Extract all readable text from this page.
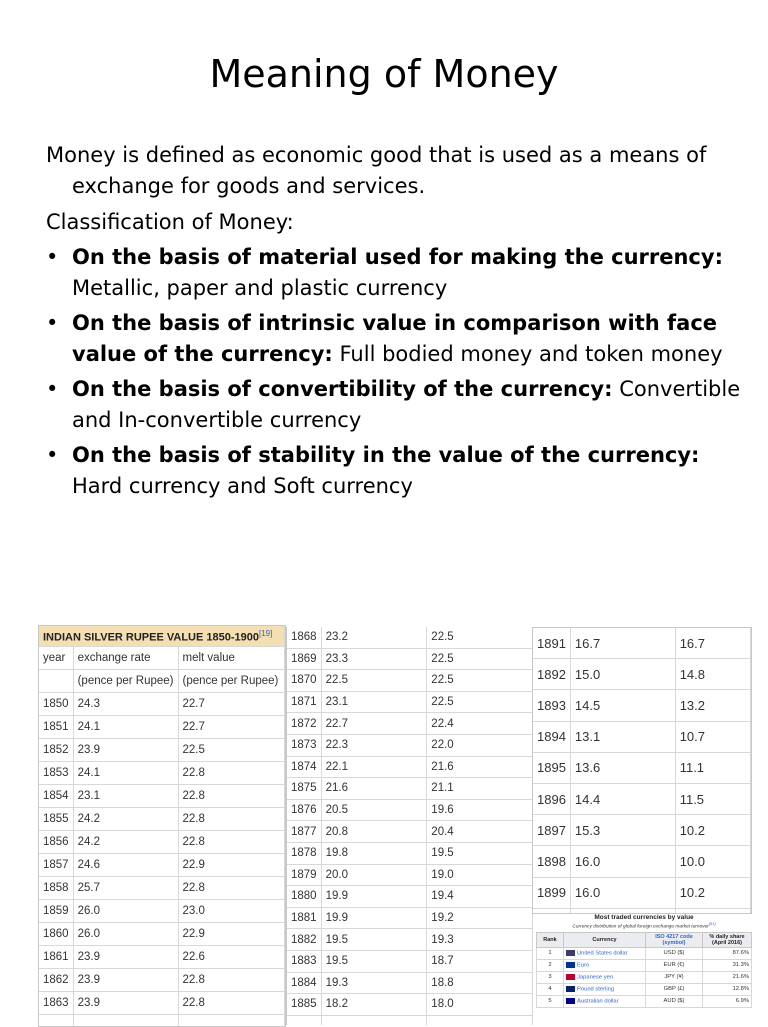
Meaning of Money

Money is defined as economic good that is used as a means of exchange for goods and services.

Classification of Money:

• On the basis of material used for making the currency: Metallic, paper and plastic currency
• On the basis of intrinsic value in comparison with face value of the currency: Full bodied money and token money
• On the basis of convertibility of the currency: Convertible and In-convertible currency
• On the basis of stability in the value of the currency: Hard currency and Soft currency
INDIAN SILVER RUPEE VALUE 1850-1900[19]
year	exchange rate	melt value
	(pence per Rupee)	(pence per Rupee)
1850	24.3	22.7
1851	24.1	22.7
1852	23.9	22.5
1853	24.1	22.8
1854	23.1	22.8
1855	24.2	22.8
1856	24.2	22.8
1857	24.6	22.9
1858	25.7	22.8
1859	26.0	23.0
1860	26.0	22.9
1861	23.9	22.6
1862	23.9	22.8
1863	23.9	22.8

1868	23.2	22.5
1869	23.3	22.5
1870	22.5	22.5
1871	23.1	22.5
1872	22.7	22.4
1873	22.3	22.0
1874	22.1	21.6
1875	21.6	21.1
1876	20.5	19.6
1877	20.8	20.4
1878	19.8	19.5
1879	20.0	19.0
1880	19.9	19.4
1881	19.9	19.2
1882	19.5	19.3
1883	19.5	18.7
1884	19.3	18.8
1885	18.2	18.0

1891	16.7	16.7
1892	15.0	14.8
1893	14.5	13.2
1894	13.1	10.7
1895	13.6	11.1
1896	14.4	11.5
1897	15.3	10.2
1898	16.0	10.0
1899	16.0	10.2

Most traded currencies by value
Currency distribution of global foreign exchange market turnover[51]
Rank	Currency	ISO 4217 code (symbol)	% daily share (April 2016)
1	United States dollar	USD ($)	87.6%
2	Euro	EUR (€)	31.3%
3	Japanese yen	JPY (¥)	21.6%
4	Pound sterling	GBP (£)	12.8%
5	Australian dollar	AUD ($)	6.9%
